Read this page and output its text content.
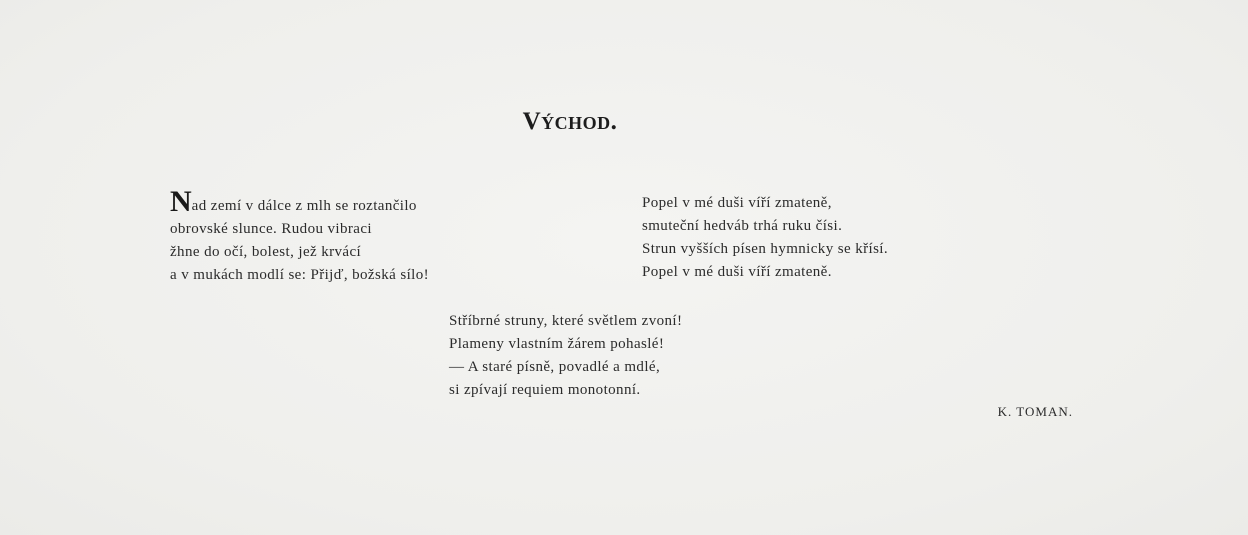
Východ.
Nad zemí v dálce z mlh se roztančilo
obrovské slunce. Rudou vibraci
žhne do očí, bolest, jež krvácí
a v mukách modlí se: Přijď, božská sílo!
Popel v mé duši víří zmateně,
smuteční hedváb trhá ruku čísi.
Strun vyšších písen hymnicky se křísí.
Popel v mé duši víří zmateně.
Stříbrné struny, které světlem zvoní!
Plameny vlastním žárem pohaslé!
— A staré písně, povadlé a mdlé,
si zpívají requiem monotonní.
K. TOMAN.
